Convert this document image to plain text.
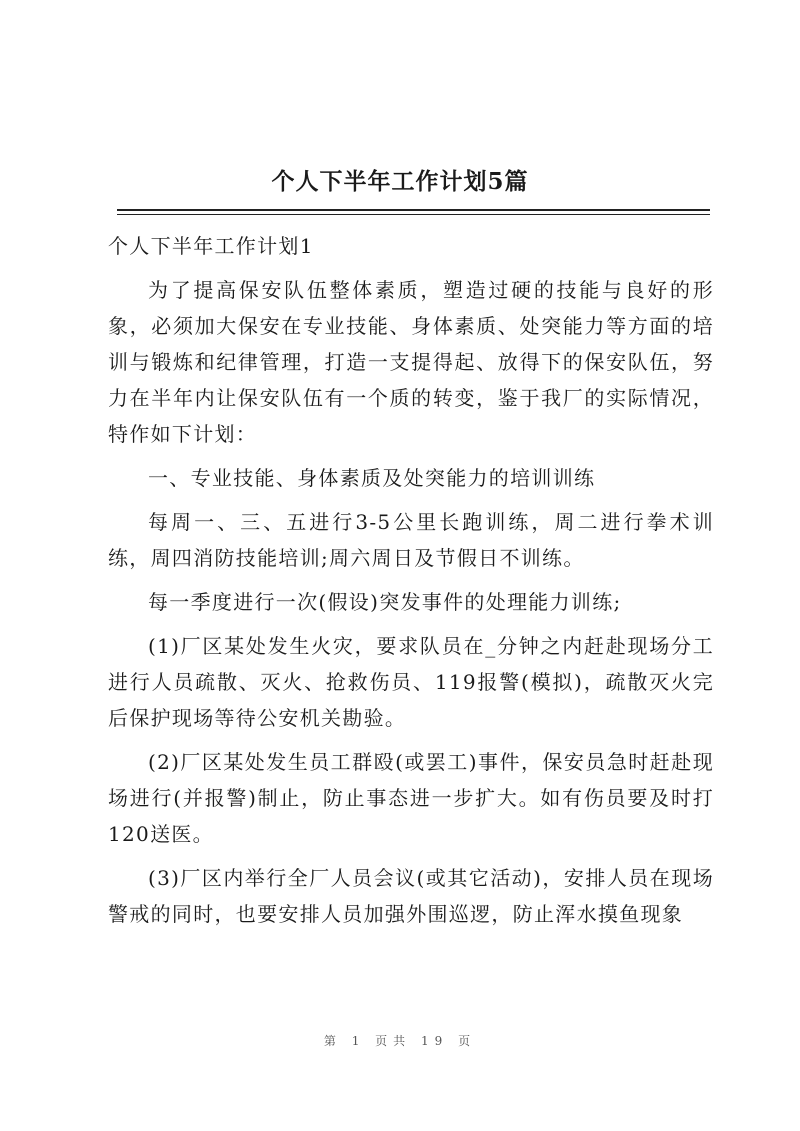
个人下半年工作计划5篇

个人下半年工作计划1

为了提高保安队伍整体素质，塑造过硬的技能与良好的形象，必须加大保安在专业技能、身体素质、处突能力等方面的培训与锻炼和纪律管理，打造一支提得起、放得下的保安队伍，努力在半年内让保安队伍有一个质的转变，鉴于我厂的实际情况，特作如下计划：

一、专业技能、身体素质及处突能力的培训训练

每周一、三、五进行3-5公里长跑训练，周二进行拳术训练，周四消防技能培训;周六周日及节假日不训练。

每一季度进行一次(假设)突发事件的处理能力训练;

(1)厂区某处发生火灾，要求队员在_分钟之内赶赴现场分工进行人员疏散、灭火、抢救伤员、119报警(模拟)，疏散灭火完后保护现场等待公安机关勘验。

(2)厂区某处发生员工群殴(或罢工)事件，保安员急时赶赴现场进行(并报警)制止，防止事态进一步扩大。如有伤员要及时打120送医。

(3)厂区内举行全厂人员会议(或其它活动)，安排人员在现场警戒的同时，也要安排人员加强外围巡逻，防止浑水摸鱼现象

第 1 页共 19 页
